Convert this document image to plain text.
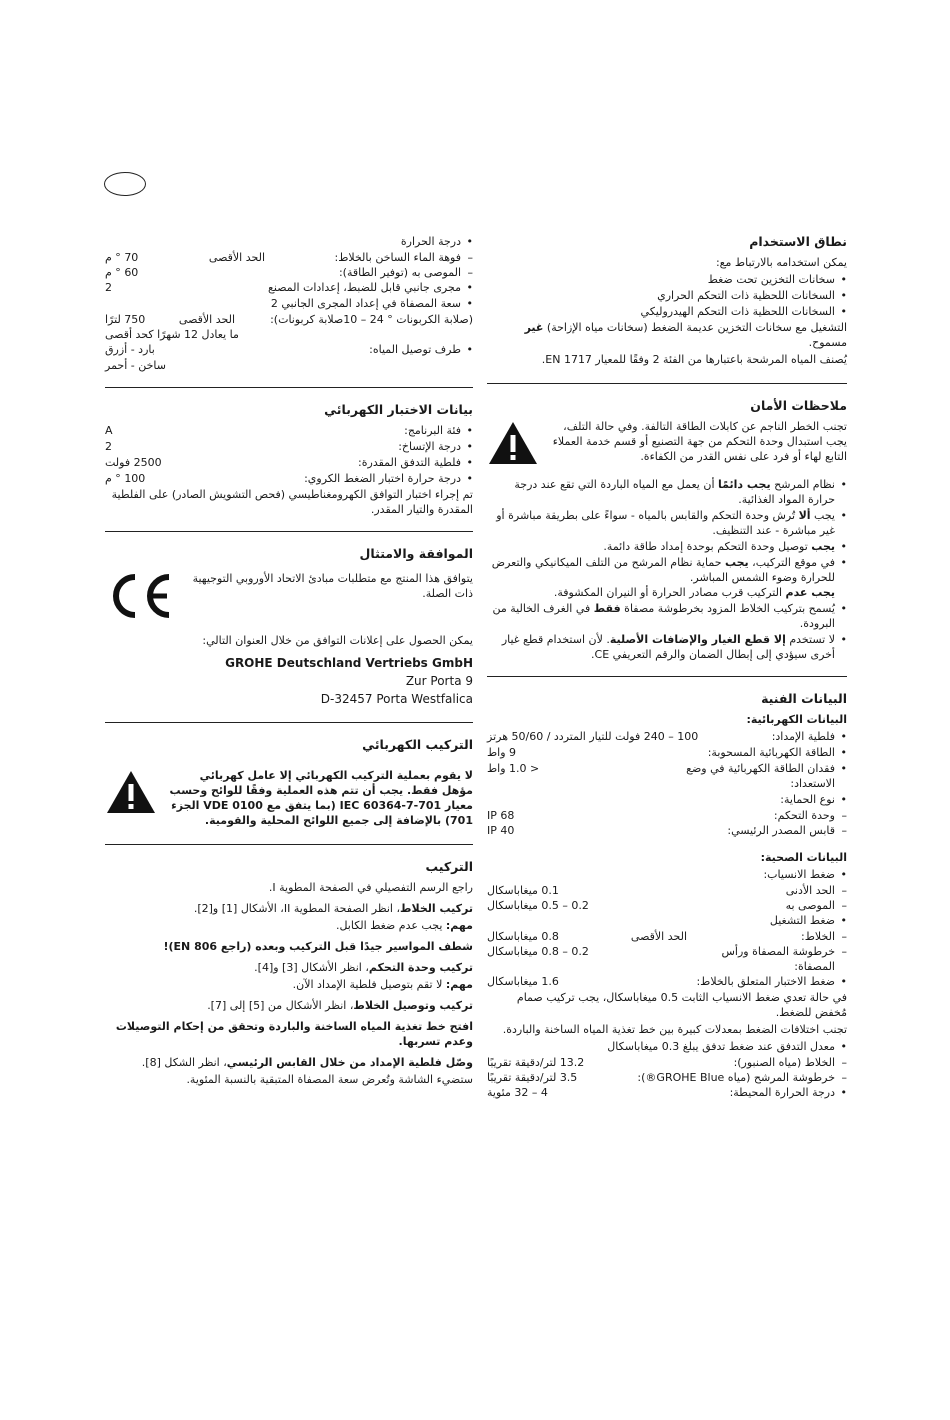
نطاق الاستخدام
يمكن استخدامه بالارتباط مع:
• سخانات التخزين تحت ضغط
• السخانات اللحظية ذات التحكم الحراري
• السخانات اللحظية ذات التحكم الهيدروليكي
التشغيل مع سخانات التخزين عديمة الضغط (سخانات مياه الإزاحة) غير مسموح.
يُصنف المياه المرشحة باعتبارها من الفئة 2 وفقًا للمعيار EN 1717.
ملاحظات الأمان
تجنب الخطر الناجم عن كابلات الطاقة التالفة. وفي حالة التلف، يجب استبدال وحدة التحكم من جهة التصنيع أو قسم خدمة العملاء التابع لهاء أو فرد على نفس القدر من الكفاءة.
• نظام المرشح يجب دائمًا أن يعمل مع المياه الباردة التي تقع عند درجة حرارة المواد الغذائية.
• يجب ألا تُرش وحدة التحكم والقابس بالمياه - سواءً على بطريقة مباشرة أو غير مباشرة - عند التنظيف.
• يجب توصيل وحدة التحكم بوحدة إمداد طاقة دائمة.
• في موقع التركيب، يجب حماية نظام المرشح من التلف الميكانيكي والتعرض للحرارة وضوء الشمس المباشر.
يجب عدم التركيب قرب مصادر الحرارة أو النيران المكشوفة.
• يُسمح بتركيب الخلاط المزود بخرطوشة مصفاة فقط في الغرف الخالية من البرودة.
• لا تستخدم إلا قطع الغيار والإضافات الأصلية. لأن استخدام قطع غيار أخرى سيؤدي إلى إبطال الضمان والرقم التعريفي CE.
البيانات الفنية
البيانات الكهربائية:
• فلطية الإمداد:
100 – 240 فولت للتيار المتردد / 50/60 هرتز
• الطاقة الكهربائية المسحوبة:
9 واط
• فقدان الطاقة الكهربائية في وضع الاستعداد:
< 1.0 واط
• نوع الحماية:
– وحدة التحكم:
IP 68
– قابس المصدر الرئيسي:
IP 40
البيانات الصحية:
• ضغط الانسياب:
– الحد الأدنى
0.1 ميغاباسكال
– الموصى به
0.2 – 0.5 ميغاباسكال
• ضغط التشغيل
– الخلاط:
الحد الأقصى
0.8 ميغاباسكال
– خرطوشة المصفاة ورأس المصفاة:
0.2 – 0.8 ميغاباسكال
• ضغط الاختبار المتعلق بالخلاط:
1.6 ميغاباسكال
في حالة تعدي ضغط الانسياب الثابت 0.5 ميغاباسكال، يجب تركيب صمام مُخفض للضغط.
تجنب اختلافات الضغط بمعدلات كبيرة بين خط تغذية المياه الساخنة والباردة.
• معدل التدفق عند ضغط تدفق يبلغ 0.3 ميغاباسكال
– الخلاط (مياه الصنبور):
13.2 لتر/دقيقة تقريبًا
– خرطوشة المرشح (مياه GROHE Blue®):
3.5 لتر/دقيقة تقريبًا
• درجة الحرارة المحيطة:
4 – 32 مئوية
• درجة الحرارة
– فوهة الماء الساخن بالخلاط:
الحد الأقصى
70 ° م
– الموصى به (توفير الطاقة):
60 ° م
• مجرى جانبي قابل للضبط، إعدادات المصنع
2
• سعة المصفاة في إعداد المجرى الجانبي 2
(صلابة الكربونات ° 24 – 10صلابة كربونات):
الحد الأقصى
750 لترًا
ما يعادل 12 شهرًا كحد أقصى
• طرف توصيل المياه:
بارد - أزرق
ساخن - أحمر
بيانات الاختبار الكهربائي
• فئة البرنامج:
A
• درجة الإتساخ:
2
• فلطية التدفق المقدرة:
2500 فولت
• درجة حرارة اختبار الضغط الكروي:
100 ° م
تم إجراء اختبار التوافق الكهرومغناطيسي (فحص التشويش الصادر) على الفلطية المقدرة والتيار المقدر.
الموافقة والامتثال
يتوافق هذا المنتج مع متطلبات مبادئ الاتحاد الأوروبي التوجيهية ذات الصلة.
يمكن الحصول على إعلانات التوافق من خلال العنوان التالي:
GROHE Deutschland Vertriebs GmbH
Zur Porta 9
D-32457 Porta Westfalica
التركيب الكهربائي
لا يقوم بعملية التركيب الكهربائي إلا عامل كهربائي مؤهل فقط. يجب أن تتم هذه العملية وفقًا للوائح وحسب معيار IEC 60364-7-701 (بما يتفق مع VDE 0100 الجزء 701) بالإضافة إلى جميع اللوائح المحلية والقومية.
التركيب
راجع الرسم التفصيلي في الصفحة المطوية I.
تركيب الخلاط، انظر الصفحة المطوية II، الأشكال [1] و[2].
مهم: يجب عدم ضغط الكابل.
شطف المواسير جيدًا قبل التركيب وبعده (راجع EN 806)!
تركيب وحدة التحكم، انظر الأشكال [3] و[4].
مهم: لا تقم بتوصيل فلطية الإمداد الآن.
تركيب وتوصيل الخلاط، انظر الأشكال من [5] إلى [7].
افتح خط تغذية المياه الساخنة والباردة وتحقق من إحكام التوصيلات وعدم تسربها.
وصّل فلطية الإمداد من خلال القابس الرئيسي، انظر الشكل [8].
ستضيء الشاشة وتُعرض سعة المصفاة المتبقية بالنسبة المئوية.
